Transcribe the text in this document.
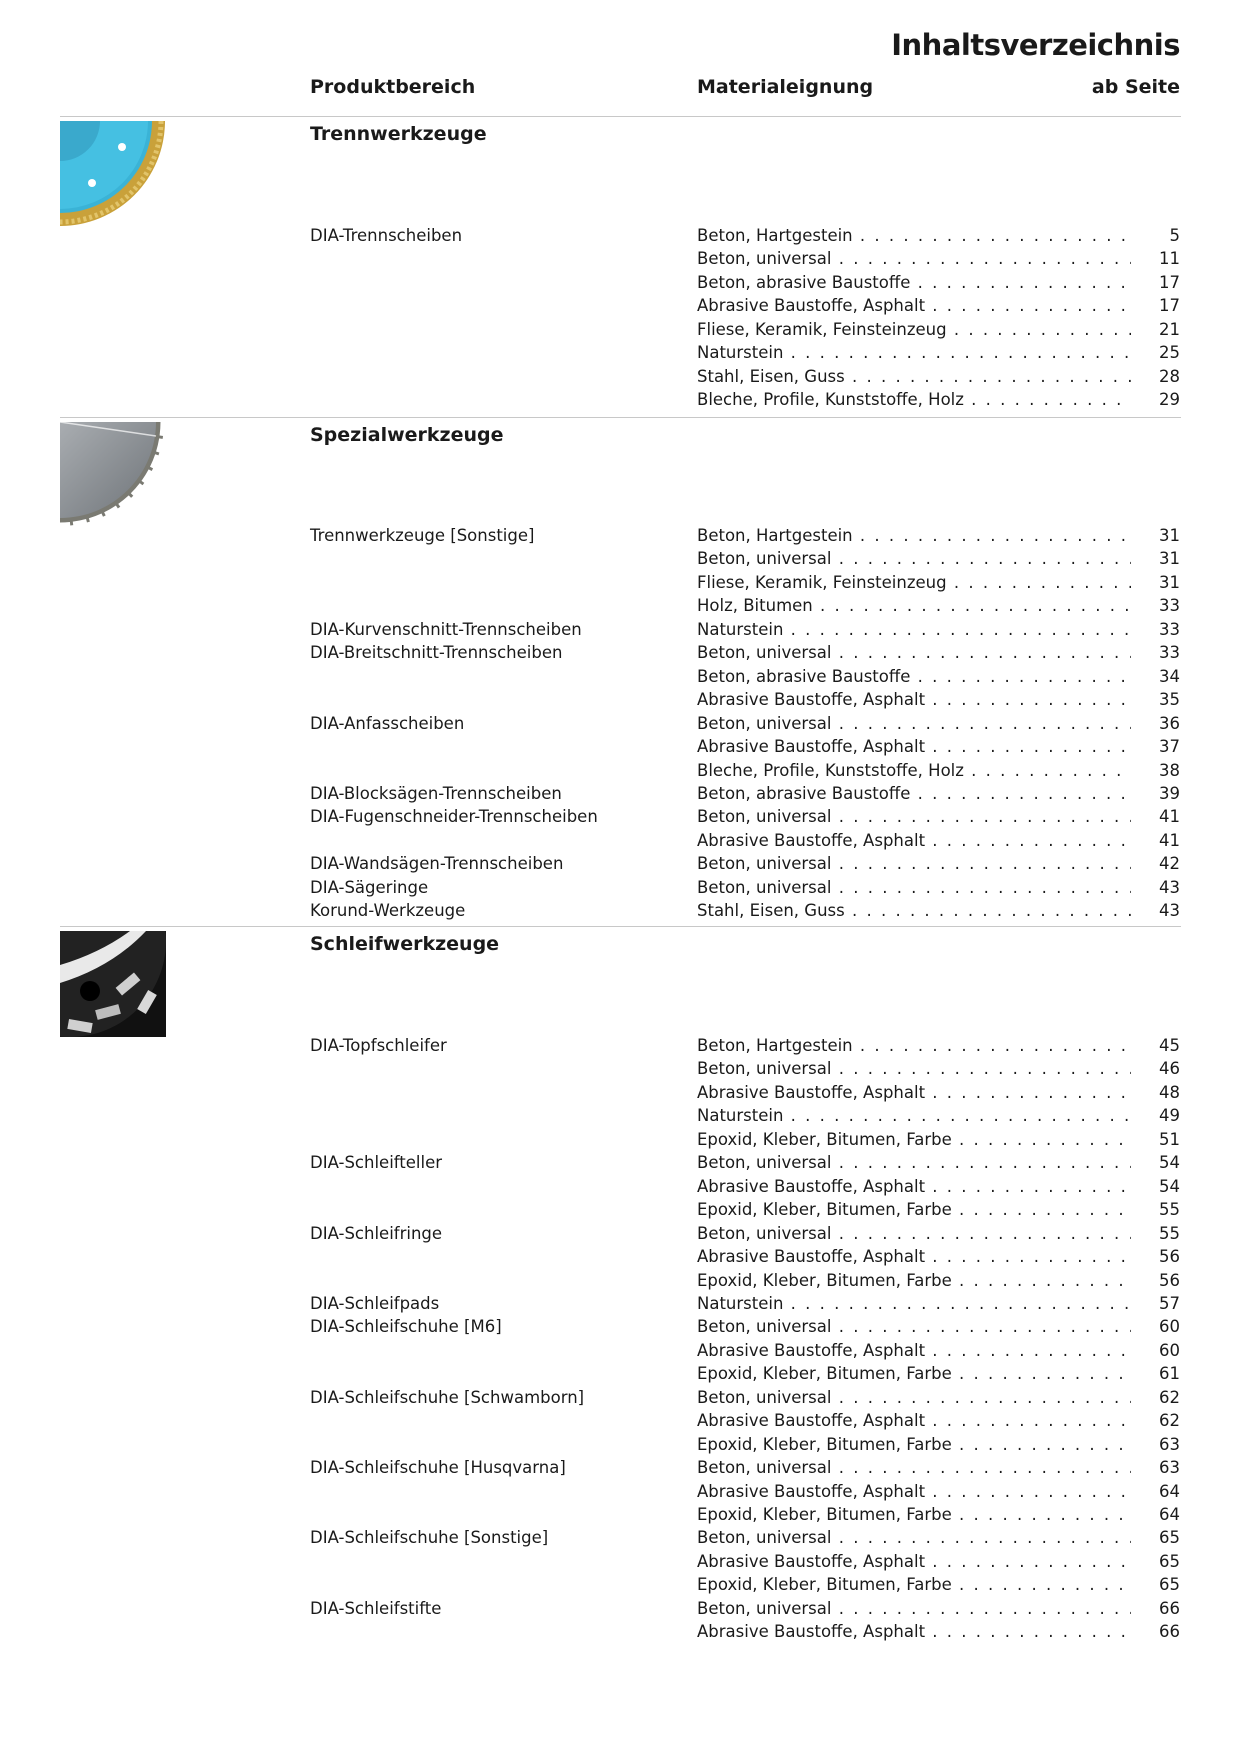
Inhaltsverzeichnis
Produktbereich	Materialeignung	ab Seite
Trennwerkzeuge
DIA-Trennscheiben	Beton, Hartgestein . . .	5
Beton, universal . . .	11
Beton, abrasive Baustoffe . . .	17
Abrasive Baustoffe, Asphalt . . .	17
Fliese, Keramik, Feinsteinzeug . . .	21
Naturstein . . .	25
Stahl, Eisen, Guss . . .	28
Bleche, Profile, Kunststoffe, Holz . . .	29
Spezialwerkzeuge
Trennwerkzeuge [Sonstige]	Beton, Hartgestein . . .	31
Beton, universal . . .	31
Fliese, Keramik, Feinsteinzeug . . .	31
Holz, Bitumen . . .	33
DIA-Kurvenschnitt-Trennscheiben	Naturstein . . .	33
DIA-Breitschnitt-Trennscheiben	Beton, universal . . .	33
Beton, abrasive Baustoffe . . .	34
Abrasive Baustoffe, Asphalt . . .	35
DIA-Anfasscheiben	Beton, universal . . .	36
Abrasive Baustoffe, Asphalt . . .	37
Bleche, Profile, Kunststoffe, Holz . . .	38
DIA-Blocksägen-Trennscheiben	Beton, abrasive Baustoffe . . .	39
DIA-Fugenschneider-Trennscheiben	Beton, universal . . .	41
Abrasive Baustoffe, Asphalt . . .	41
DIA-Wandsägen-Trennscheiben	Beton, universal . . .	42
DIA-Sägeringe	Beton, universal . . .	43
Korund-Werkzeuge	Stahl, Eisen, Guss . . .	43
Schleifwerkzeuge
DIA-Topfschleifer	Beton, Hartgestein . . .	45
Beton, universal . . .	46
Abrasive Baustoffe, Asphalt . . .	48
Naturstein . . .	49
Epoxid, Kleber, Bitumen, Farbe . . .	51
DIA-Schleifteller	Beton, universal . . .	54
Abrasive Baustoffe, Asphalt . . .	54
Epoxid, Kleber, Bitumen, Farbe . . .	55
DIA-Schleifringe	Beton, universal . . .	55
Abrasive Baustoffe, Asphalt . . .	56
Epoxid, Kleber, Bitumen, Farbe . . .	56
DIA-Schleifpads	Naturstein . . .	57
DIA-Schleifschuhe [M6]	Beton, universal . . .	60
Abrasive Baustoffe, Asphalt . . .	60
Epoxid, Kleber, Bitumen, Farbe . . .	61
DIA-Schleifschuhe [Schwamborn]	Beton, universal . . .	62
Abrasive Baustoffe, Asphalt . . .	62
Epoxid, Kleber, Bitumen, Farbe . . .	63
DIA-Schleifschuhe [Husqvarna]	Beton, universal . . .	63
Abrasive Baustoffe, Asphalt . . .	64
Epoxid, Kleber, Bitumen, Farbe . . .	64
DIA-Schleifschuhe [Sonstige]	Beton, universal . . .	65
Abrasive Baustoffe, Asphalt . . .	65
Epoxid, Kleber, Bitumen, Farbe . . .	65
DIA-Schleifstifte	Beton, universal . . .	66
Abrasive Baustoffe, Asphalt . . .	66
